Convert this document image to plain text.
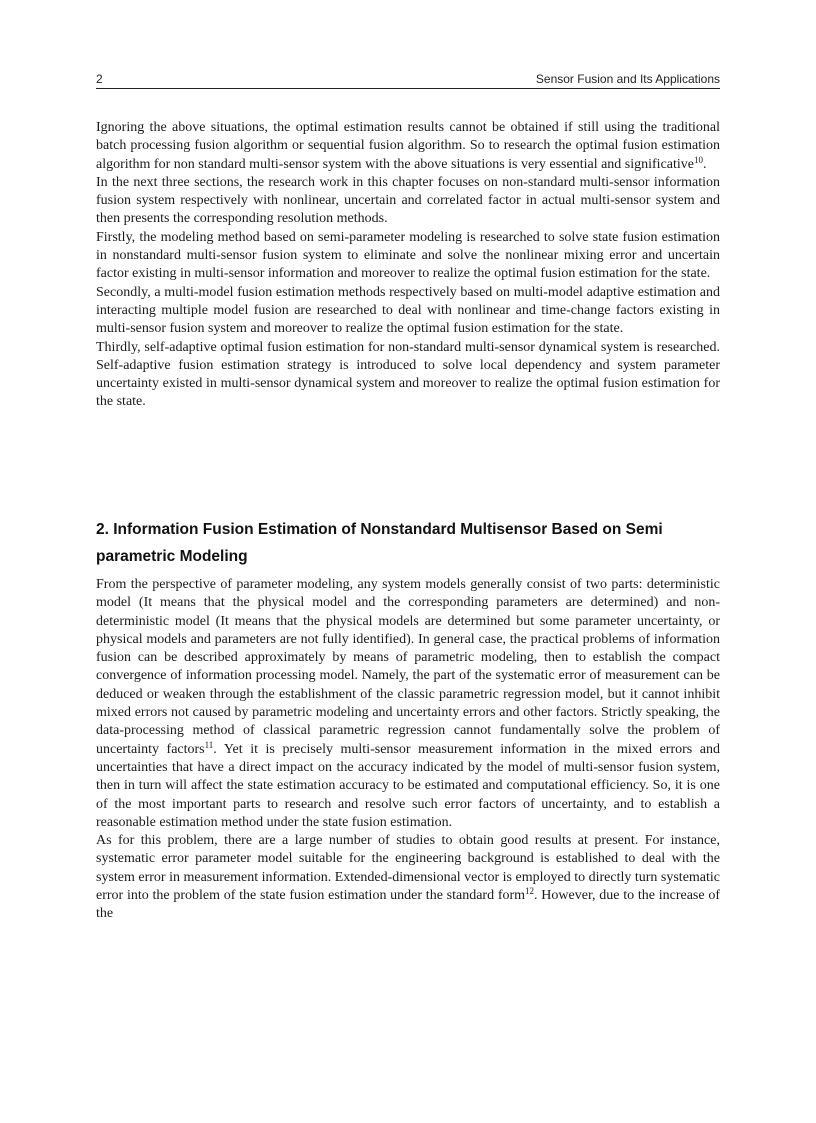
2	Sensor Fusion and Its Applications

Ignoring the above situations, the optimal estimation results cannot be obtained if still using the traditional batch processing fusion algorithm or sequential fusion algorithm. So to research the optimal fusion estimation algorithm for non standard multi-sensor system with the above situations is very essential and significative$^{10}$.

In the next three sections, the research work in this chapter focuses on non-standard multi-sensor information fusion system respectively with nonlinear, uncertain and correlated factor in actual multi-sensor system and then presents the corresponding resolution methods.

Firstly, the modeling method based on semi-parameter modeling is researched to solve state fusion estimation in nonstandard multi-sensor fusion system to eliminate and solve the nonlinear mixing error and uncertain factor existing in multi-sensor information and moreover to realize the optimal fusion estimation for the state.

Secondly, a multi-model fusion estimation methods respectively based on multi-model adaptive estimation and interacting multiple model fusion are researched to deal with nonlinear and time-change factors existing in multi-sensor fusion system and moreover to realize the optimal fusion estimation for the state.

Thirdly, self-adaptive optimal fusion estimation for non-standard multi-sensor dynamical system is researched. Self-adaptive fusion estimation strategy is introduced to solve local dependency and system parameter uncertainty existed in multi-sensor dynamical system and moreover to realize the optimal fusion estimation for the state.

2. Information Fusion Estimation of Nonstandard Multisensor Based on Semi parametric Modeling

From the perspective of parameter modeling, any system models generally consist of two parts: deterministic model (It means that the physical model and the corresponding parameters are determined) and non-deterministic model (It means that the physical models are determined but some parameter uncertainty, or physical models and parameters are not fully identified). In general case, the practical problems of information fusion can be described approximately by means of parametric modeling, then to establish the compact convergence of information processing model. Namely, the part of the systematic error of measurement can be deduced or weaken through the establishment of the classic parametric regression model, but it cannot inhibit mixed errors not caused by parametric modeling and uncertainty errors and other factors. Strictly speaking, the data-processing method of classical parametric regression cannot fundamentally solve the problem of uncertainty factors$^{11}$. Yet it is precisely multi-sensor measurement information in the mixed errors and uncertainties that have a direct impact on the accuracy indicated by the model of multi-sensor fusion system, then in turn will affect the state estimation accuracy to be estimated and computational efficiency. So, it is one of the most important parts to research and resolve such error factors of uncertainty, and to establish a reasonable estimation method under the state fusion estimation.

As for this problem, there are a large number of studies to obtain good results at present. For instance, systematic error parameter model suitable for the engineering background is established to deal with the system error in measurement information. Extended-dimensional vector is employed to directly turn systematic error into the problem of the state fusion estimation under the standard form$^{12}$. However, due to the increase of the
